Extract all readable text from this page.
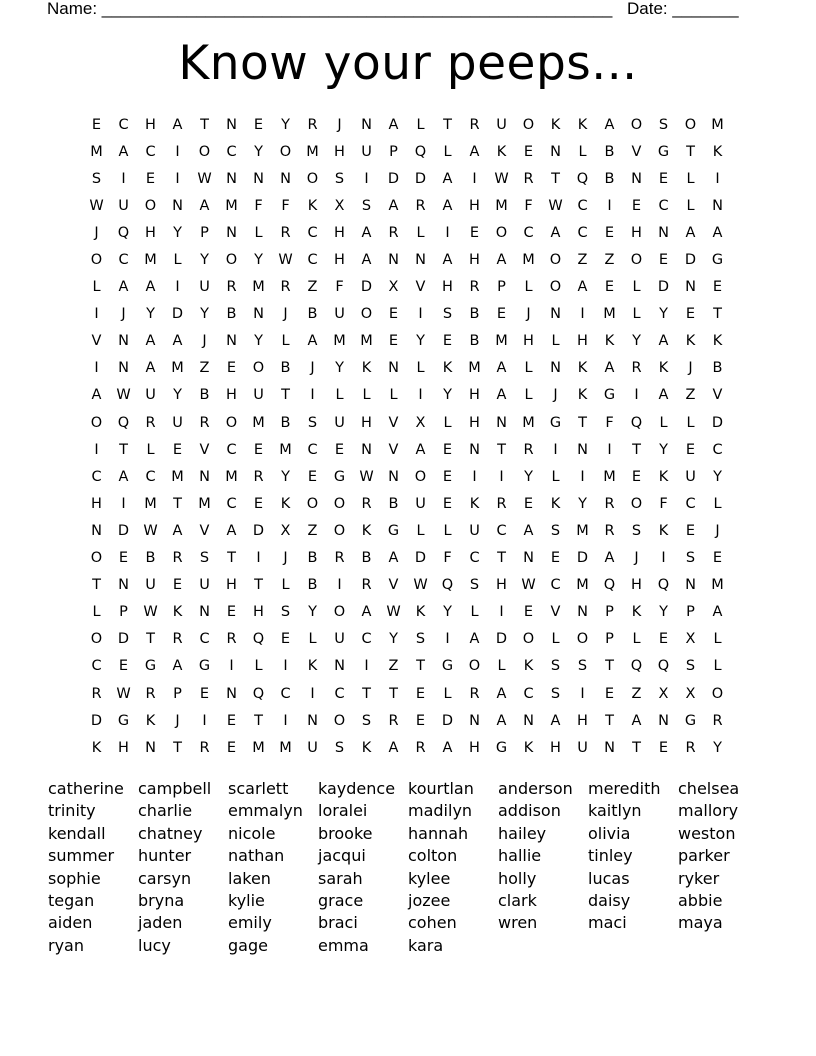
Name: ______________________________________________________ Date: _______
Know your peeps...
E	C	H	A	T	N	E	Y	R	J	N	A	L	T	R	U	O	K	K	A	O	S	O	M
M	A	C	I	O	C	Y	O	M	H	U	P	Q	L	A	K	E	N	L	B	V	G	T	K
S	I	E	I	W N	N	N	O	S	I	D	D	A	I	W	R	T	Q	B	N	E	L	I
W	U	O	N	A	M	F	F	K	X	S	A	R	A	H	M	F	W	C	I	E	C	L	N
J	Q	H	Y	P	N	L	R	C	H	A	R	L	I	E	O	C	A	C	E	H	N	A	A
O	C	M	L	Y	O	Y	W	C	H	A	N	N	A	H	A	M	O	Z	Z	O	E	D	G
L	A	A	I	U	R	M	R	Z	F	D	X	V	H	R	P	L	O	A	E	L	D	N	E
I	J	Y	D	Y	B	N	J	B	U	O	E	I	S	B	E	J	N	I	M	L	Y	E	T
V	N	A	A	J	N	Y	L	A	M M	E	Y	E	B	M	H	L	H	K	Y	A	K	K
I	N	A	M	Z	E	O	B	J	Y	K	N	L	K	M	A	L	N	K	A	R	K	J	B
A	W	U	Y	B	H	U	T	I	L	L	L	I	Y	H	A	L	J	K	G	I	A	Z	V
O	Q	R	U	R	O	M	B	S	U	H	V	X	L	H	N	M	G	T	F	Q	L	L	D
I	T	L	E	V	C	E	M	C	E	N	V	A	E	N	T	R	I	N	I	T	Y	E	C
C	A	C	M	N	M	R	Y	E	G W N	O	E	I	I	Y	L	I	M	E	K	U	Y
H	I	M	T	M	C	E	K	O	O	R	B	U	E	K	R	E	K	Y	R	O	F	C	L
N	D W	A	V	A	D	X	Z	O	K	G	L	L	U	C	A	S	M	R	S	K	E	J
O	E	B	R	S	T	I	J	B	R	B	A	D	F	C	T	N	E	D	A	J	I	S	E
T	N	U	E	U	H	T	L	B	I	R	V	W Q	S	H W	C	M	Q	H	Q	N	M
L	P	W	K	N	E	H	S	Y	O	A	W	K	Y	L	I	E	V	N	P	K	Y	P	A
O	D	T	R	C	R	Q	E	L	U	C	Y	S	I	A	D	O	L	O	P	L	E	X	L
C	E	G	A	G	I	L	I	K	N	I	Z	T	G	O	L	K	S	S	T	Q	Q	S	L
R	W	R	P	E	N	Q	C	I	C	T	T	E	L	R	A	C	S	I	E	Z	X	X	O
D	G	K	J	I	E	T	I	N	O	S	R	E	D	N	A	N	A	H	T	A	N	G	R
K	H	N	T	R	E	M M	U	S	K	A	R	A	H	G	K	H	U	N	T	E	R	Y
catherine campbell	scarlett	kaydence kourtlan	anderson meredith	chelsea
trinity	charlie	emmalyn loralei	madilyn	addison	kaitlyn	mallory
kendall	chatney	nicole	brooke	hannah	hailey	olivia	weston
summer	hunter	nathan	jacqui	colton	hallie	tinley	parker
sophie	carsyn	laken	sarah	kylee	holly	lucas	ryker
tegan	bryna	kylie	grace	jozee	clark	daisy	abbie
aiden	jaden	emily	braci	cohen	wren	maci	maya
ryan	lucy	gage	emma	kara
